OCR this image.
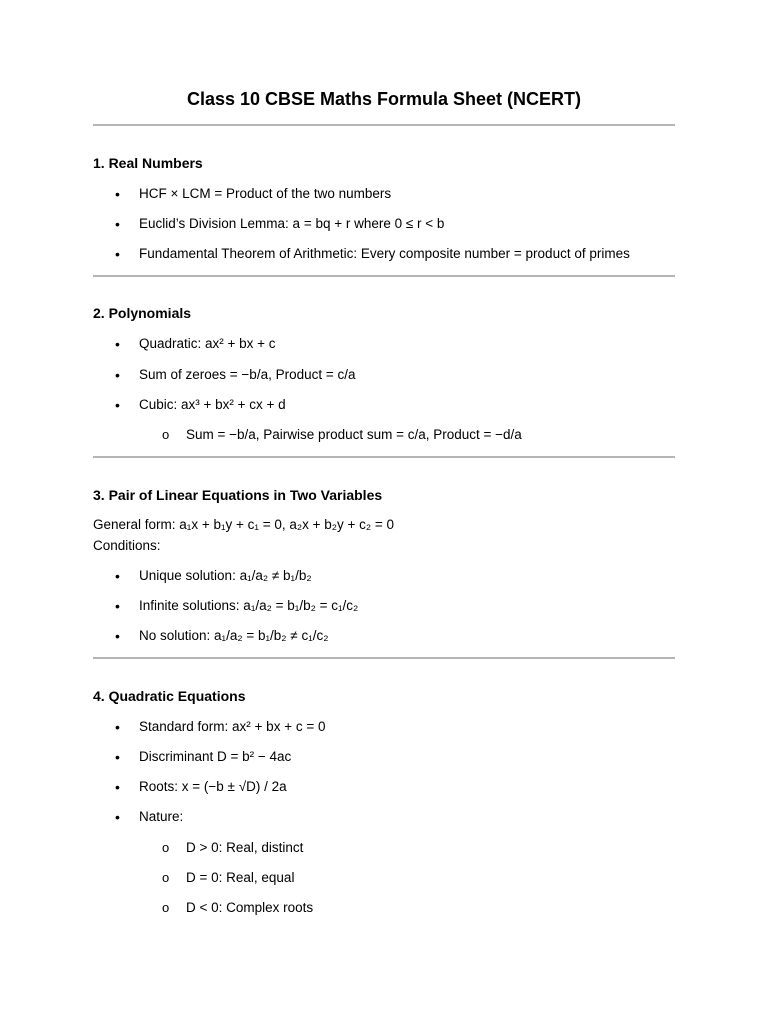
Class 10 CBSE Maths Formula Sheet (NCERT)
1. Real Numbers
• HCF × LCM = Product of the two numbers
• Euclid’s Division Lemma: a = bq + r where 0 ≤ r < b
• Fundamental Theorem of Arithmetic: Every composite number = product of primes
2. Polynomials
• Quadratic: ax² + bx + c
• Sum of zeroes = −b/a, Product = c/a
• Cubic: ax³ + bx² + cx + d
o Sum = −b/a, Pairwise product sum = c/a, Product = −d/a
3. Pair of Linear Equations in Two Variables
General form: a₁x + b₁y + c₁ = 0, a₂x + b₂y + c₂ = 0
Conditions:
• Unique solution: a₁/a₂ ≠ b₁/b₂
• Infinite solutions: a₁/a₂ = b₁/b₂ = c₁/c₂
• No solution: a₁/a₂ = b₁/b₂ ≠ c₁/c₂
4. Quadratic Equations
• Standard form: ax² + bx + c = 0
• Discriminant D = b² − 4ac
• Roots: x = (−b ± √D) / 2a
• Nature:
o D > 0: Real, distinct
o D = 0: Real, equal
o D < 0: Complex roots
